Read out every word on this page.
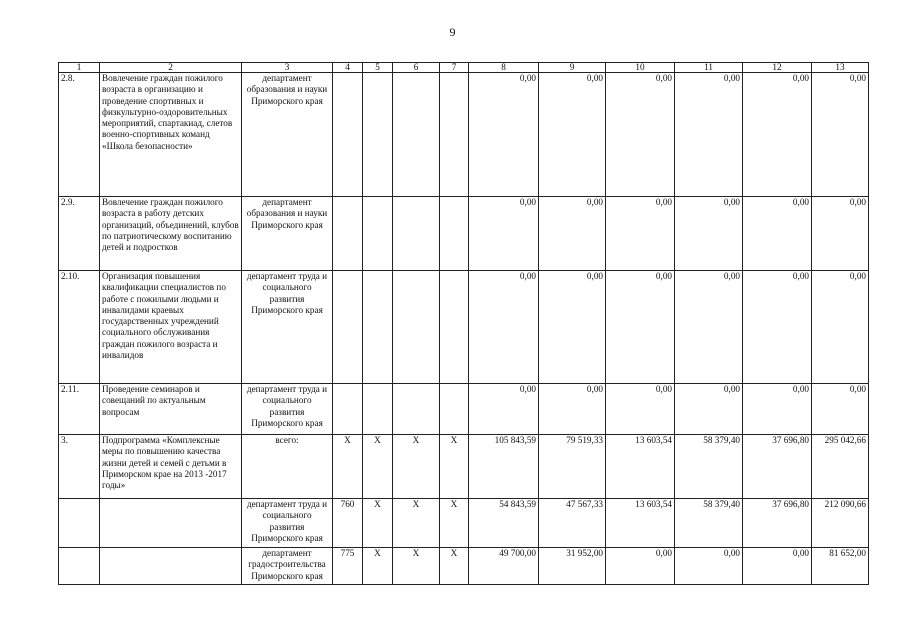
9
1	2	3	4	5	6	7	8	9	10	11	12	13
2.8.	Вовлечение граждан пожилого возраста в организацию и проведение спортивных и физкультурно-оздоровительных мероприятий, спартакиад, слетов военно-спортивных команд «Школа безопасности»	департамент образования и науки Приморского края					0,00	0,00	0,00	0,00	0,00	0,00
2.9.	Вовлечение граждан пожилого возраста в работу детских организаций, объединений, клубов по патриотическому воспитанию детей и подростков	департамент образования и науки Приморского края					0,00	0,00	0,00	0,00	0,00	0,00
2.10.	Организация повышения квалификации специалистов по работе с пожилыми людьми и инвалидами краевых государственных учреждений социального обслуживания граждан пожилого возраста и инвалидов	департамент труда и социального развития Приморского края					0,00	0,00	0,00	0,00	0,00	0,00
2.11.	Проведение семинаров и совещаний по актуальным вопросам	департамент труда и социального развития Приморского края					0,00	0,00	0,00	0,00	0,00	0,00
3.	Подпрограмма «Комплексные меры по повышению качества жизни детей и семей с детьми в Приморском крае на 2013 -2017 годы»	всего:	X	X	X	X	105 843,59	79 519,33	13 603,54	58 379,40	37 696,80	295 042,66
		департамент труда и социального развития Приморского края	760	X	X	X	54 843,59	47 567,33	13 603,54	58 379,40	37 696,80	212 090,66
		департамент градостроительства Приморского края	775	X	X	X	49 700,00	31 952,00	0,00	0,00	0,00	81 652,00
